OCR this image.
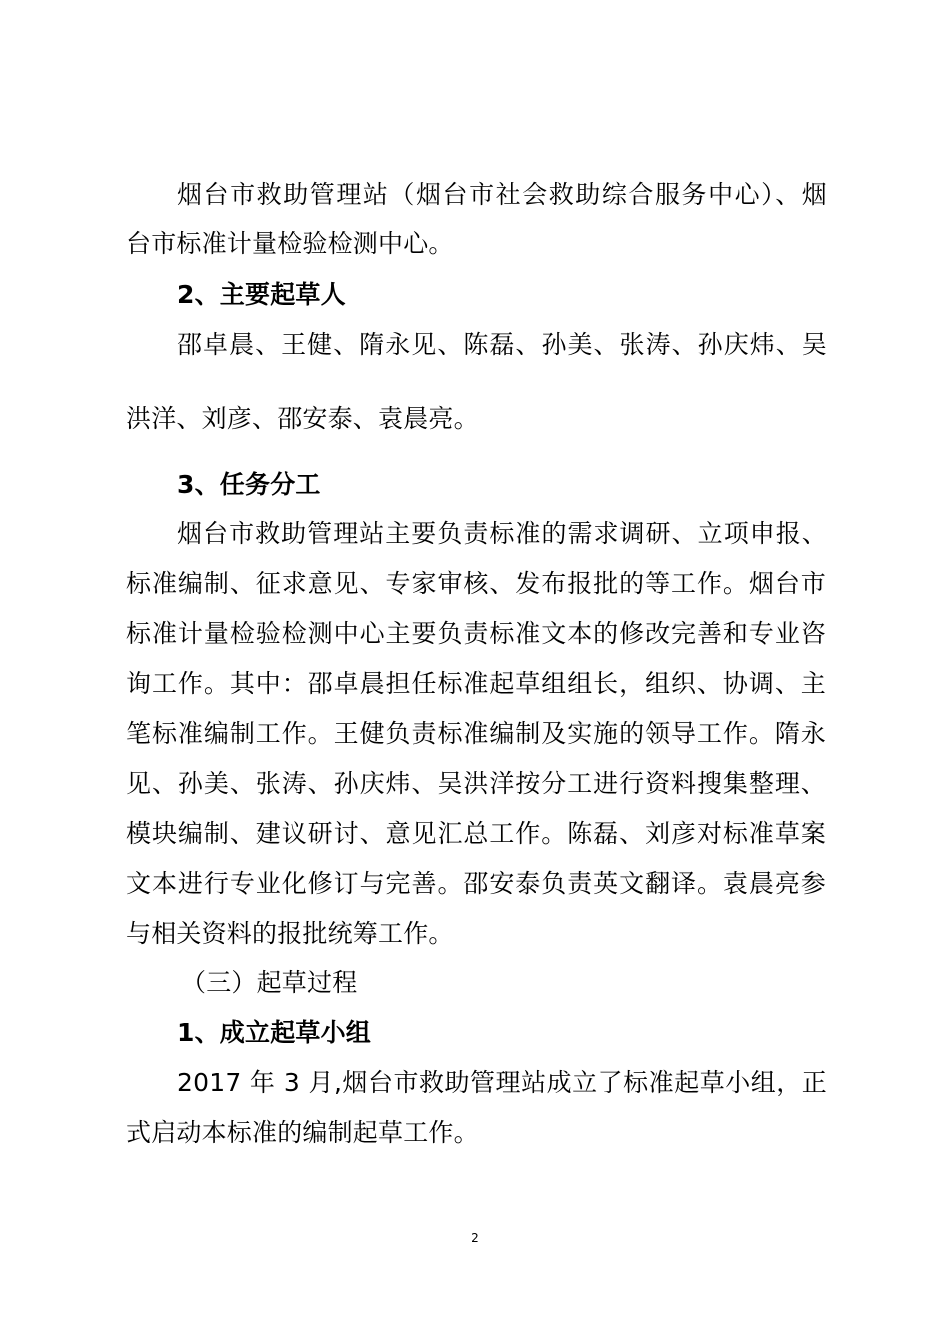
烟台市救助管理站（烟台市社会救助综合服务中心）、烟
台市标准计量检验检测中心。
2、主要起草人
邵卓晨、王健、隋永见、陈磊、孙美、张涛、孙庆炜、吴
洪洋、刘彦、邵安泰、袁晨亮。
3、任务分工
烟台市救助管理站主要负责标准的需求调研、立项申报、
标准编制、征求意见、专家审核、发布报批的等工作。烟台市
标准计量检验检测中心主要负责标准文本的修改完善和专业咨
询工作。其中：邵卓晨担任标准起草组组长，组织、协调、主
笔标准编制工作。王健负责标准编制及实施的领导工作。隋永
见、孙美、张涛、孙庆炜、吴洪洋按分工进行资料搜集整理、
模块编制、建议研讨、意见汇总工作。陈磊、刘彦对标准草案
文本进行专业化修订与完善。邵安泰负责英文翻译。袁晨亮参
与相关资料的报批统筹工作。
（三）起草过程
1、成立起草小组
2017 年 3 月,烟台市救助管理站成立了标准起草小组，正
式启动本标准的编制起草工作。
2
